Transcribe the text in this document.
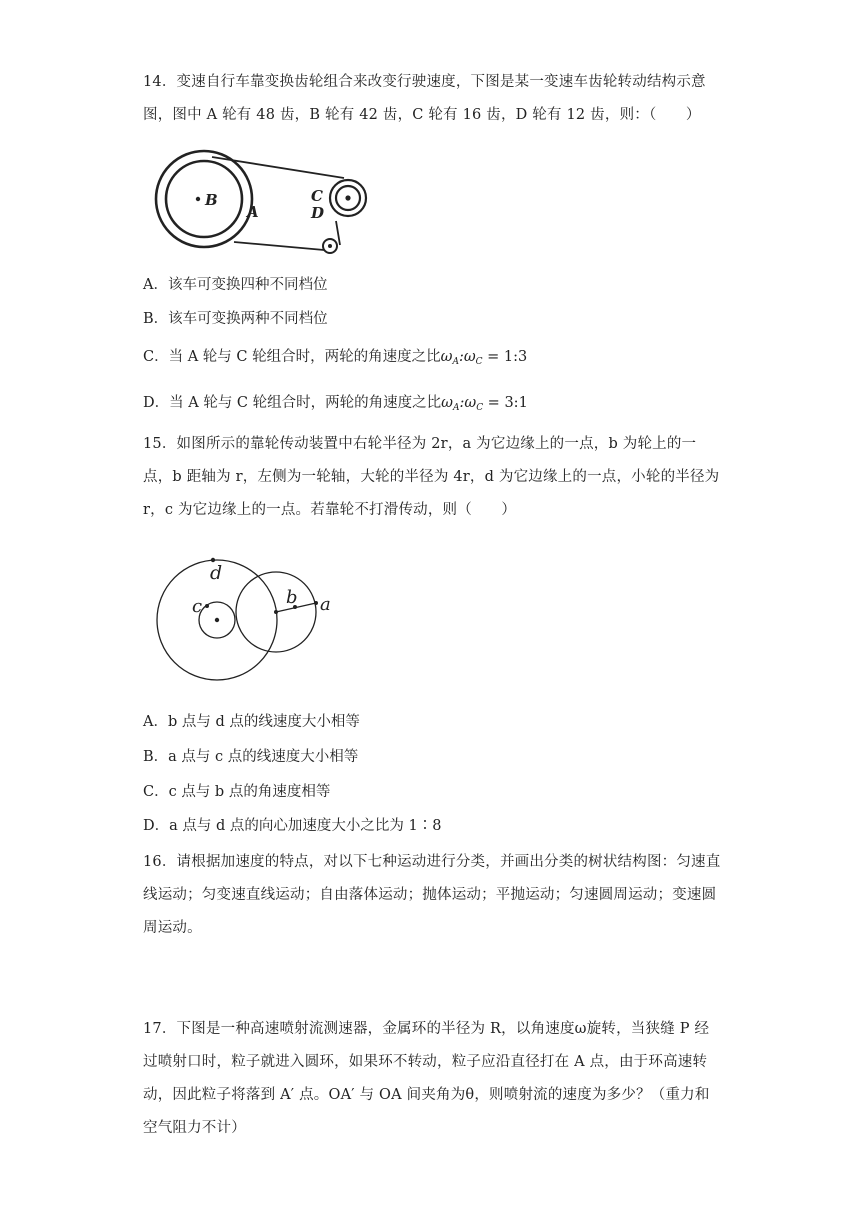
14．变速自行车靠变换齿轮组合来改变行驶速度，下图是某一变速车齿轮转动结构示意图，图中 A 轮有 48 齿，B 轮有 42 齿，C 轮有 16 齿，D 轮有 12 齿，则：（　　）
B
A
C
D
A．该车可变换四种不同档位
B．该车可变换两种不同档位
C．当 A 轮与 C 轮组合时，两轮的角速度之比$\omega_A:\omega_C$ = 1:3
D．当 A 轮与 C 轮组合时，两轮的角速度之比$\omega_A:\omega_C$ = 3:1
15．如图所示的靠轮传动装置中右轮半径为 2r，a 为它边缘上的一点，b 为轮上的一点，b 距轴为 r，左侧为一轮轴，大轮的半径为 4r，d 为它边缘上的一点，小轮的半径为 r，c 为它边缘上的一点。若靠轮不打滑传动，则（　　）
d
c	b a
A．b 点与 d 点的线速度大小相等
B．a 点与 c 点的线速度大小相等
C．c 点与 b 点的角速度相等
D．a 点与 d 点的向心加速度大小之比为 1∶8
16．请根据加速度的特点，对以下七种运动进行分类，并画出分类的树状结构图：匀速直线运动；匀变速直线运动；自由落体运动；抛体运动；平抛运动；匀速圆周运动；变速圆周运动。
17．下图是一种高速喷射流测速器，金属环的半径为 R，以角速度ω旋转，当狭缝 P 经过喷射口时，粒子就进入圆环，如果环不转动，粒子应沿直径打在 A 点，由于环高速转动，因此粒子将落到 A′ 点。OA′ 与 OA 间夹角为θ，则喷射流的速度为多少？（重力和空气阻力不计）
